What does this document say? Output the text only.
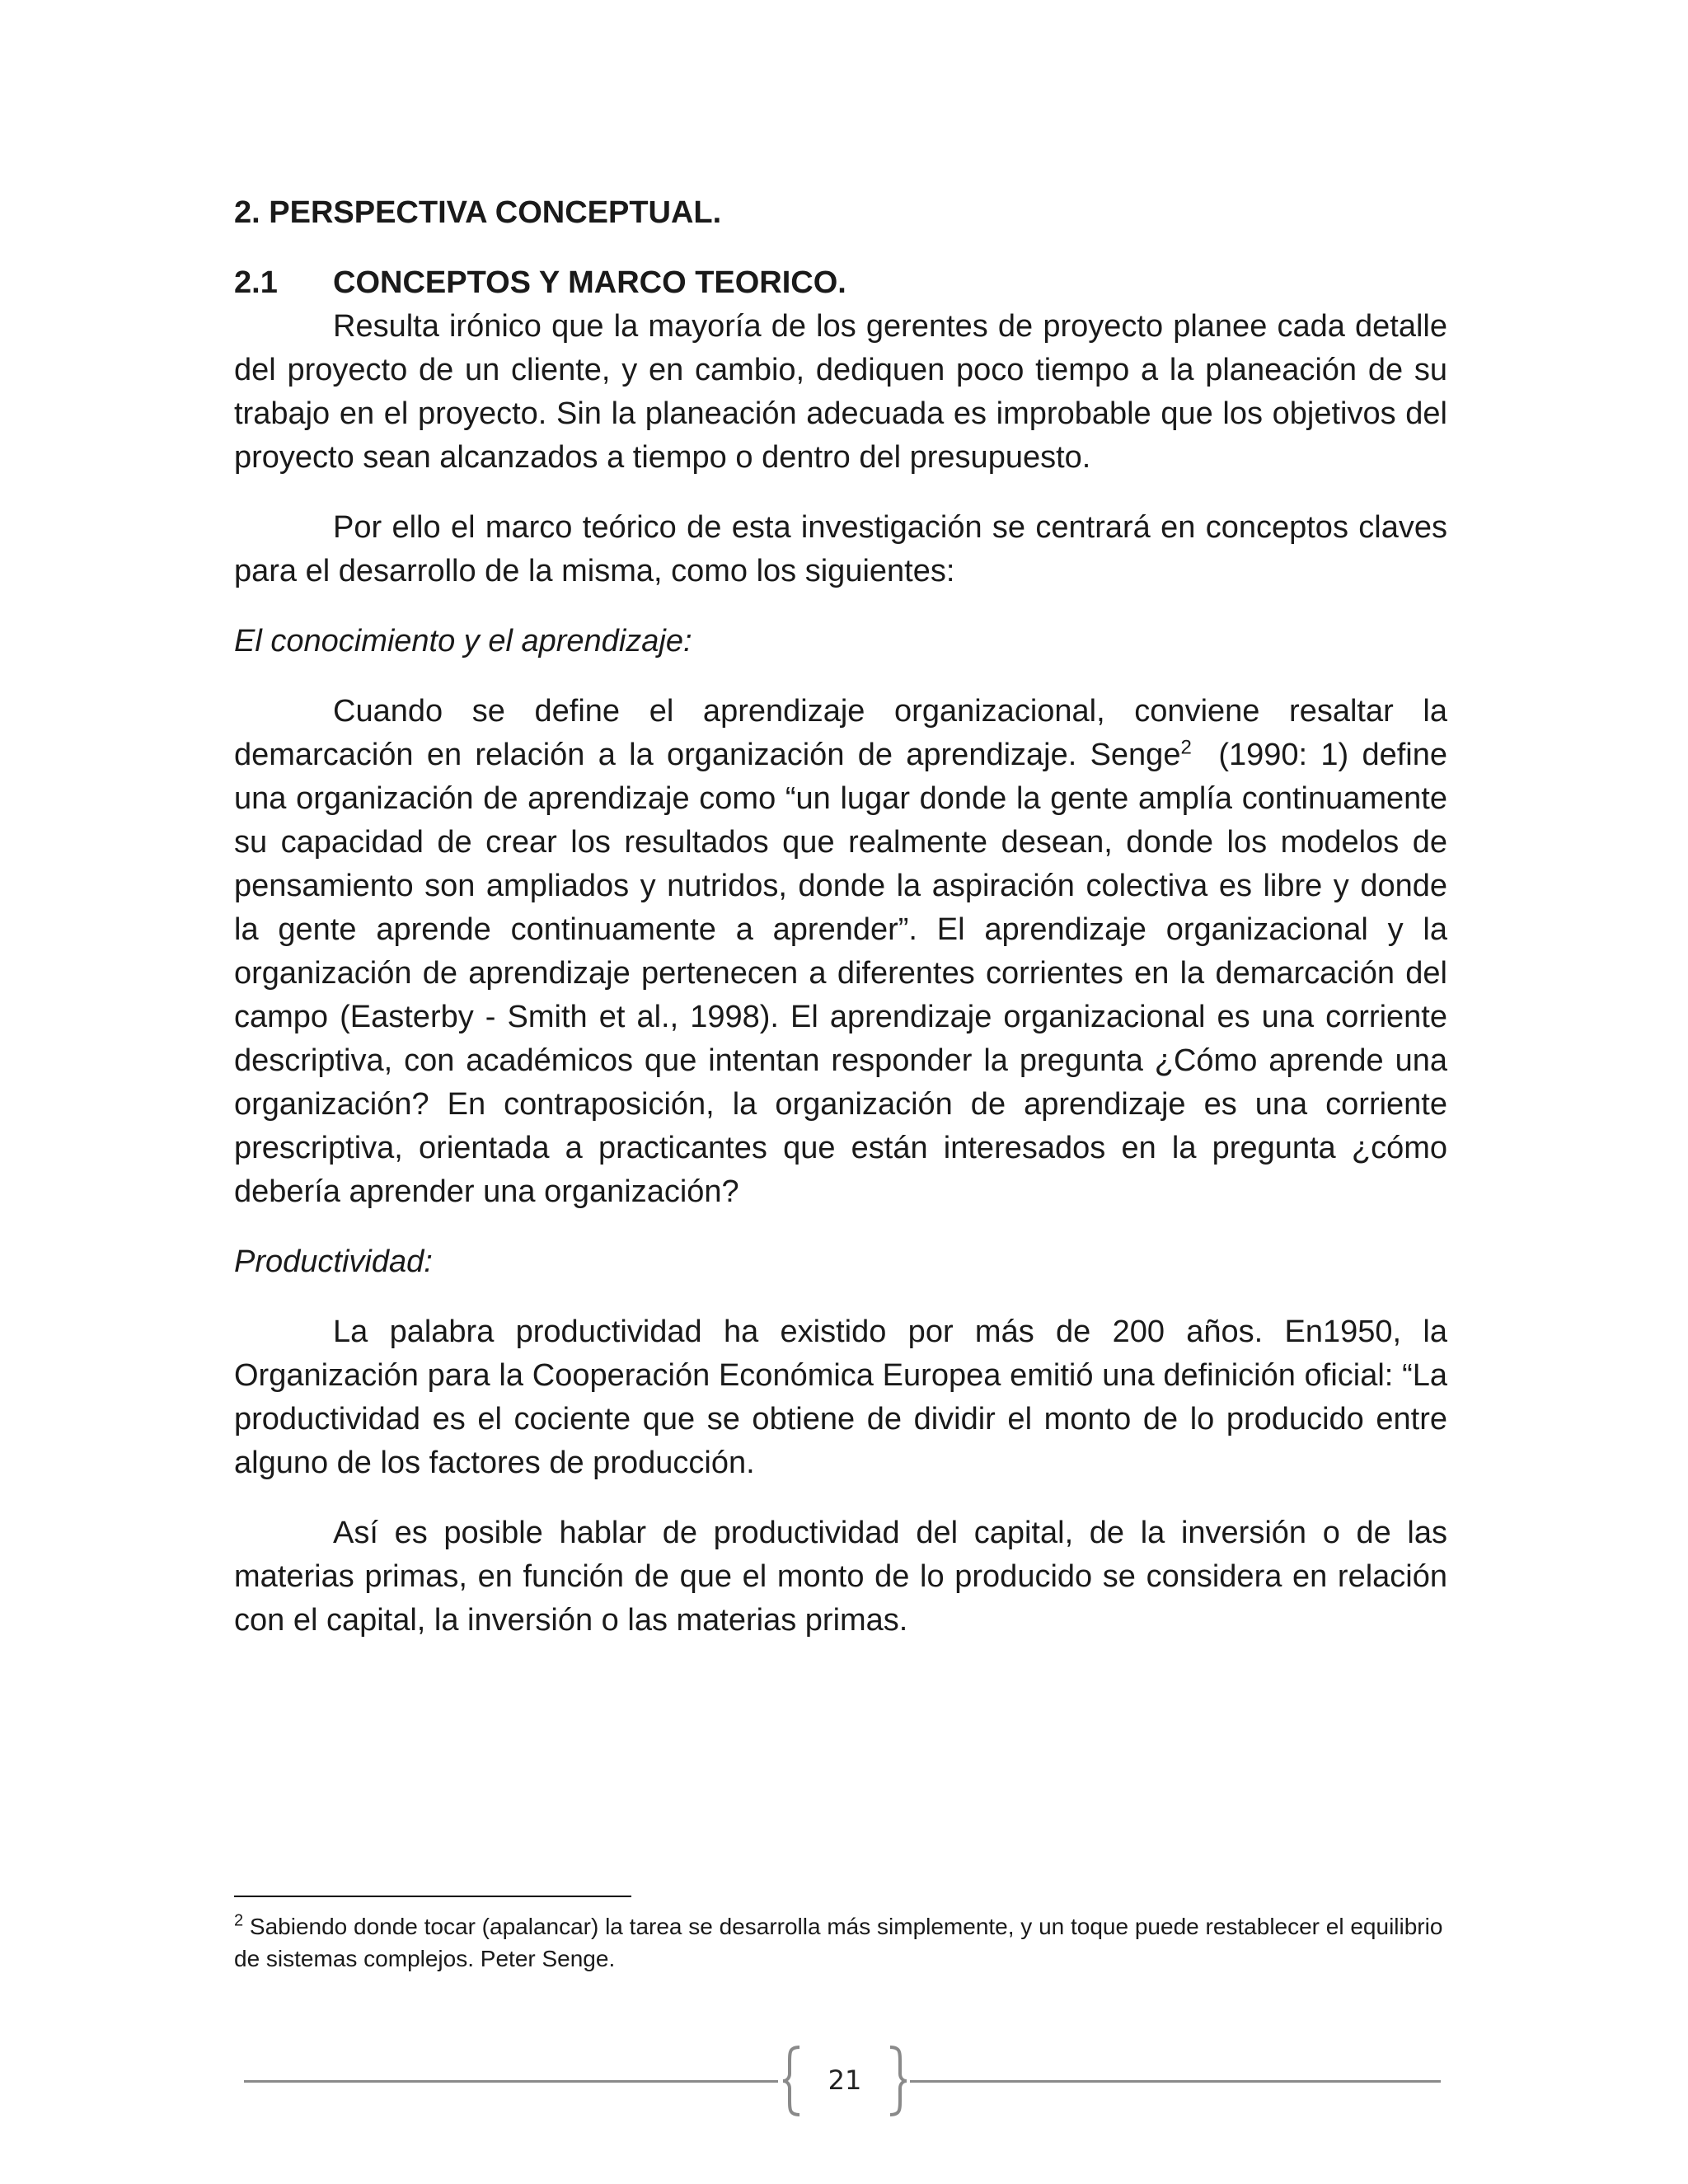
2. PERSPECTIVA CONCEPTUAL.
2.1	CONCEPTOS Y MARCO TEORICO.

Resulta irónico que la mayoría de los gerentes de proyecto planee cada detalle del proyecto de un cliente, y en cambio, dediquen poco tiempo a la planeación de su trabajo en el proyecto. Sin la planeación adecuada es improbable que los objetivos del proyecto sean alcanzados a tiempo o dentro del presupuesto.

Por ello el marco teórico de esta investigación se centrará en conceptos claves para el desarrollo de la misma, como los siguientes:

El conocimiento y el aprendizaje:

Cuando se define el aprendizaje organizacional, conviene resaltar la demarcación en relación a la organización de aprendizaje. Senge$^2$  (1990: 1) define una organización de aprendizaje como “un lugar donde la gente amplía continuamente su capacidad de crear los resultados que realmente desean, donde los modelos de pensamiento son ampliados y nutridos, donde la aspiración colectiva es libre y donde la gente aprende continuamente a aprender”. El aprendizaje organizacional y la organización de aprendizaje pertenecen a diferentes corrientes en la demarcación del campo (Easterby - Smith et al., 1998). El aprendizaje organizacional es una corriente descriptiva, con académicos que intentan responder la pregunta ¿Cómo aprende una organización? En contraposición, la organización de aprendizaje es una corriente prescriptiva, orientada a practicantes que están interesados en la pregunta ¿cómo debería aprender una organización?

Productividad:

La palabra productividad ha existido por más de 200 años. En1950, la Organización para la Cooperación Económica Europea emitió una definición oficial: “La productividad es el cociente que se obtiene de dividir el monto de lo producido entre alguno de los factores de producción.

Así es posible hablar de productividad del capital, de la inversión o de las materias primas, en función de que el monto de lo producido se considera en relación con el capital, la inversión o las materias primas.

$^2$ Sabiendo donde tocar (apalancar) la tarea se desarrolla más simplemente, y un toque puede restablecer el equilibrio de sistemas complejos. Peter Senge.
21
